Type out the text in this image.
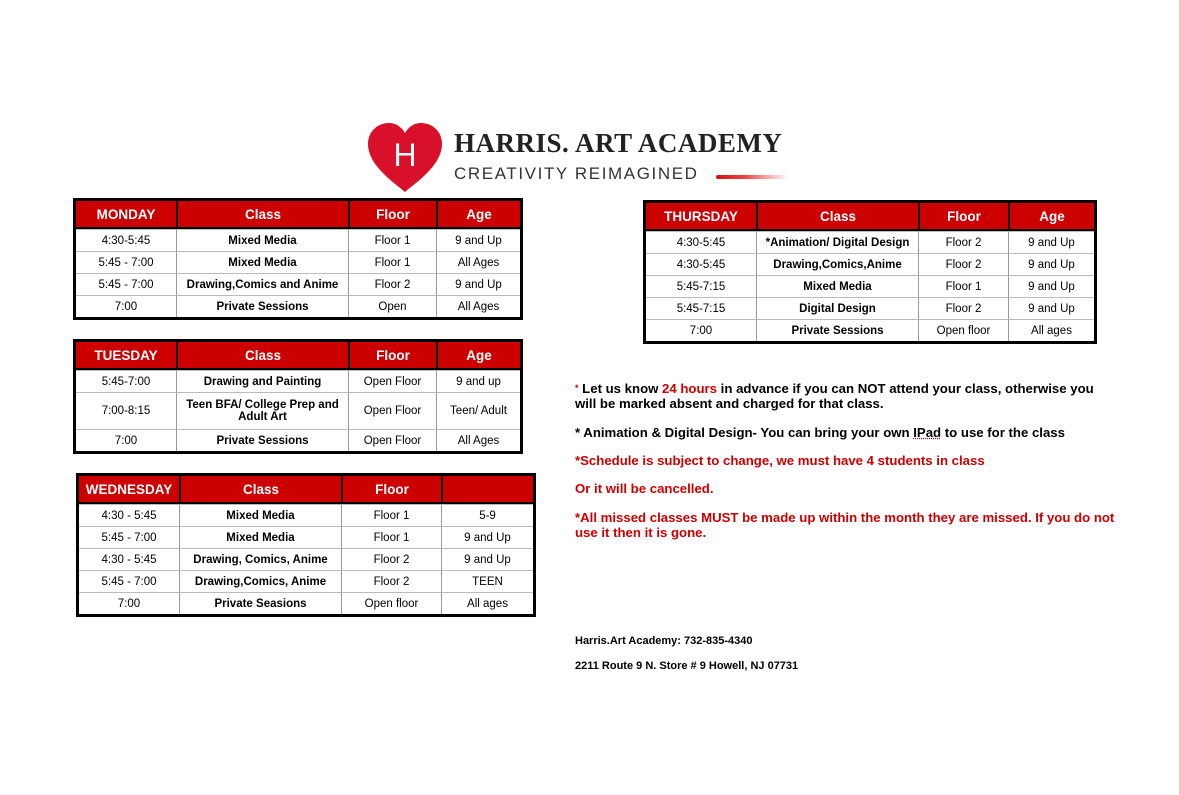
H HARRIS. ART ACADEMY
CREATIVITY REIMAGINED
MONDAY	Class	Floor	Age
4:30-5:45	Mixed Media	Floor 1	9 and Up
5:45 - 7:00	Mixed Media	Floor 1	All Ages
5:45 - 7:00	Drawing,Comics and Anime	Floor 2	9 and Up
7:00	Private Sessions	Open	All Ages
TUESDAY	Class	Floor	Age
5:45-7:00	Drawing and Painting	Open Floor	9 and up
7:00-8:15	Teen BFA/ College Prep and Adult Art	Open Floor	Teen/ Adult
7:00	Private Sessions	Open Floor	All Ages
WEDNESDAY	Class	Floor	
4:30 - 5:45	Mixed Media	Floor 1	5-9
5:45 - 7:00	Mixed Media	Floor 1	9 and Up
4:30 - 5:45	Drawing, Comics, Anime	Floor 2	9 and Up
5:45 - 7:00	Drawing,Comics, Anime	Floor 2	TEEN
7:00	Private Seasions	Open floor	All ages
THURSDAY	Class	Floor	Age
4:30-5:45	*Animation/ Digital Design	Floor 2	9 and Up
4:30-5:45	Drawing,Comics,Anime	Floor 2	9 and Up
5:45-7:15	Mixed Media	Floor 1	9 and Up
5:45-7:15	Digital Design	Floor 2	9 and Up
7:00	Private Sessions	Open floor	All ages
* Let us know 24 hours in advance if you can NOT attend your class, otherwise you will be marked absent and charged for that class.
* Animation & Digital Design- You can bring your own IPad to use for the class
*Schedule is subject to change, we must have 4 students in class
Or it will be cancelled.
*All missed classes MUST be made up within the month they are missed. If you do not use it then it is gone.
Harris.Art Academy: 732-835-4340
2211 Route 9 N. Store # 9 Howell, NJ 07731
